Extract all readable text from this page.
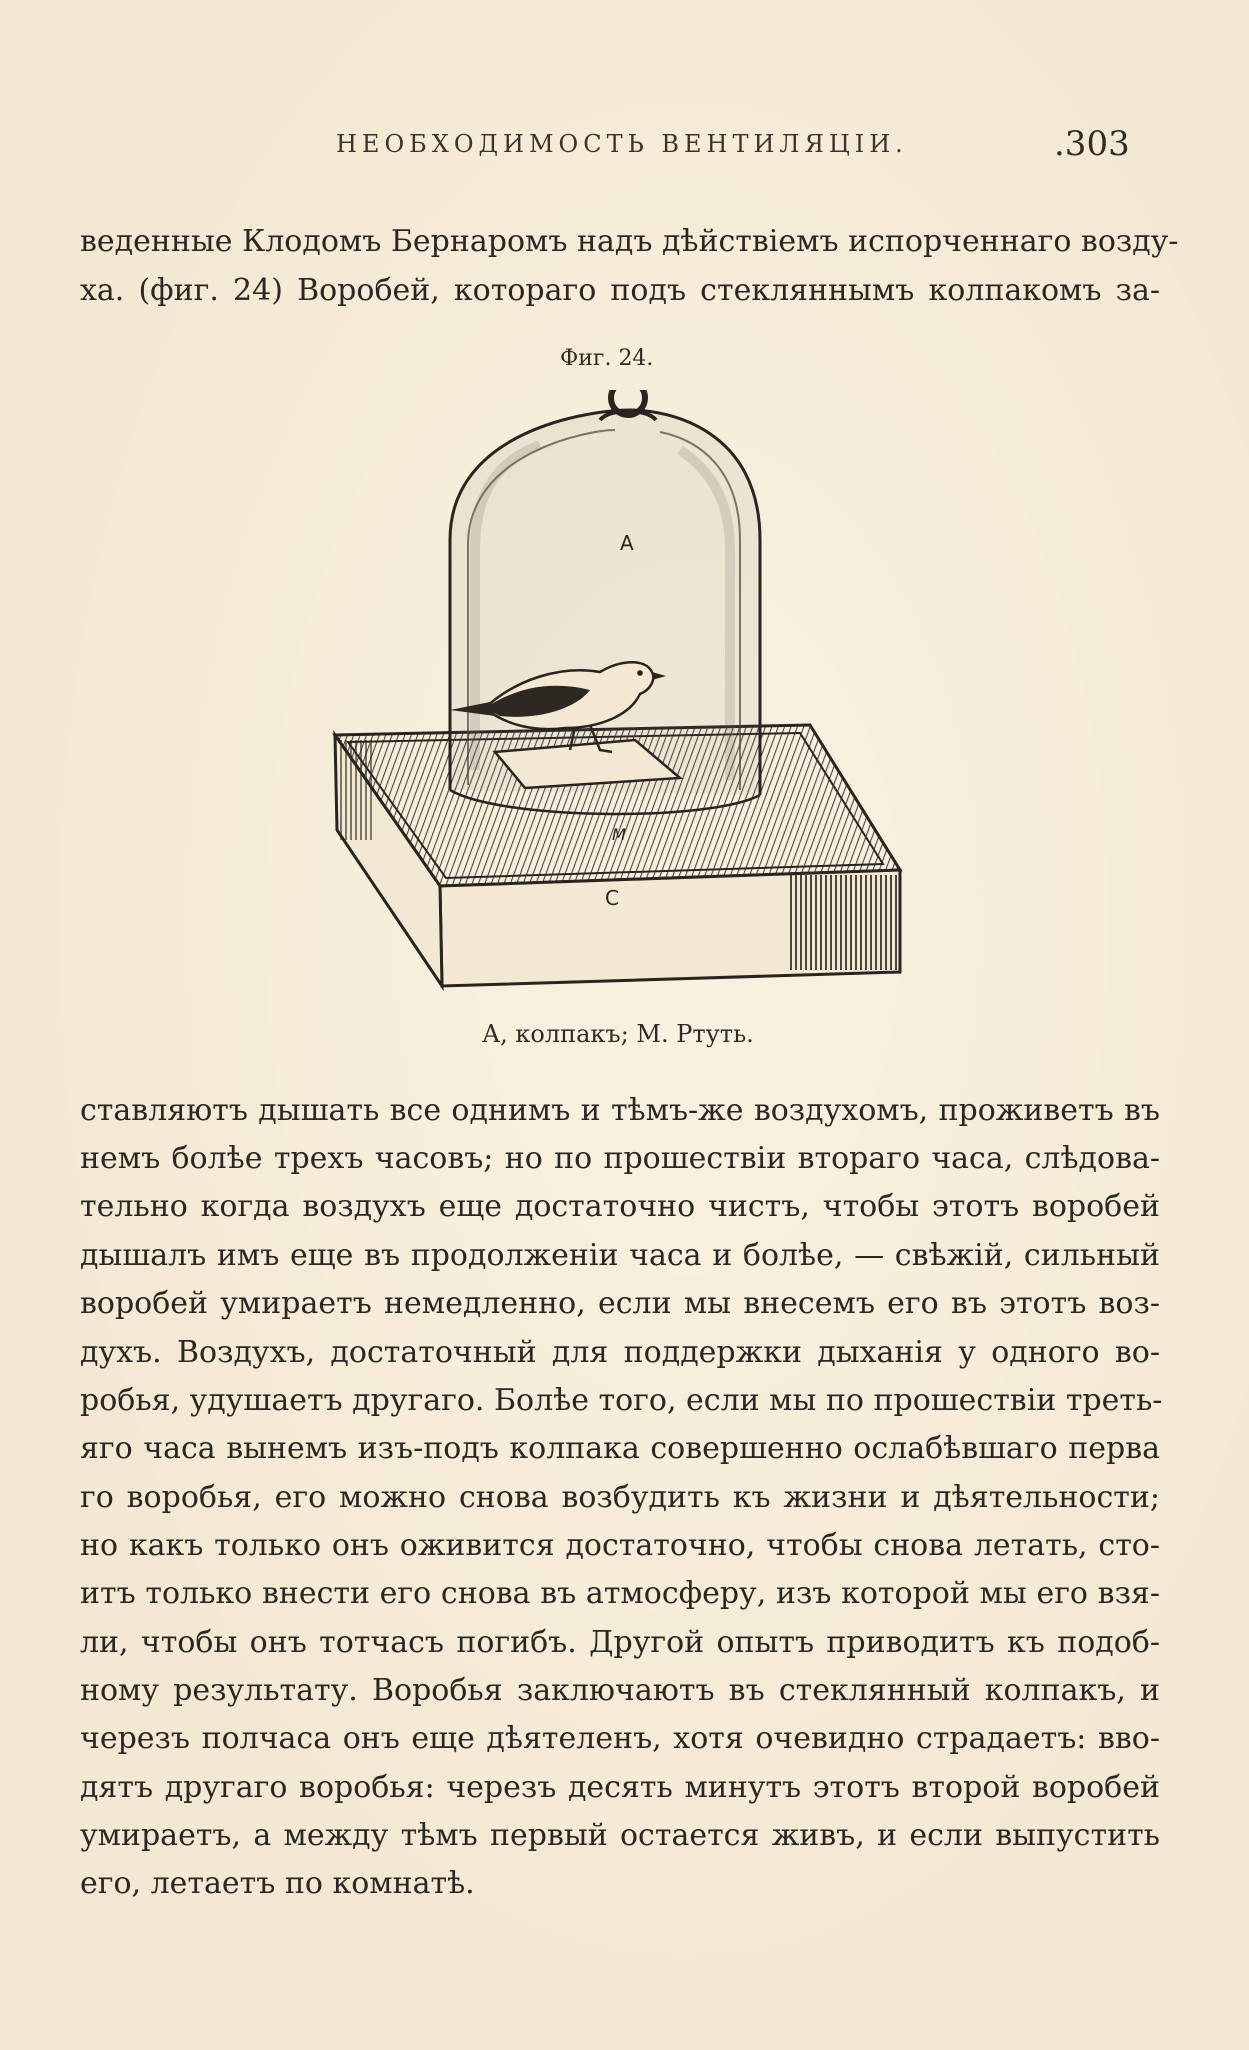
НЕОБХОДИМОСТЬ ВЕНТИЛЯЦІИ.	.303
веденные Клодомъ Бернаромъ надъ дѣйствіемъ испорченнаго возду-
ха. (фиг. 24) Воробей, котораго подъ стекляннымъ колпакомъ за-
Фиг. 24.
А
М
С
А, колпакъ; М. Ртуть.
ставляютъ дышать все однимъ и тѣмъ-же воздухомъ, проживетъ въ
немъ болѣе трехъ часовъ; но по прошествіи втораго часа, слѣдова-
тельно когда воздухъ еще достаточно чистъ, чтобы этотъ воробей
дышалъ имъ еще въ продолженіи часа и болѣе, — свѣжій, сильный
воробей умираетъ немедленно, если мы внесемъ его въ этотъ воз-
духъ. Воздухъ, достаточный для поддержки дыханія у одного во-
робья, удушаетъ другаго. Болѣе того, если мы по прошествіи треть-
яго часа вынемъ изъ-подъ колпака совершенно ослабѣвшаго перва
го воробья, его можно снова возбудить къ жизни и дѣятельности;
но какъ только онъ оживится достаточно, чтобы снова летать, сто-
итъ только внести его снова въ атмосферу, изъ которой мы его взя-
ли, чтобы онъ тотчасъ погибъ. Другой опытъ приводитъ къ подоб-
ному результату. Воробья заключаютъ въ стеклянный колпакъ, и
черезъ полчаса онъ еще дѣятеленъ, хотя очевидно страдаетъ: вво-
дятъ другаго воробья: черезъ десять минутъ этотъ второй воробей
умираетъ, а между тѣмъ первый остается живъ, и если выпустить
его, летаетъ по комнатѣ.
